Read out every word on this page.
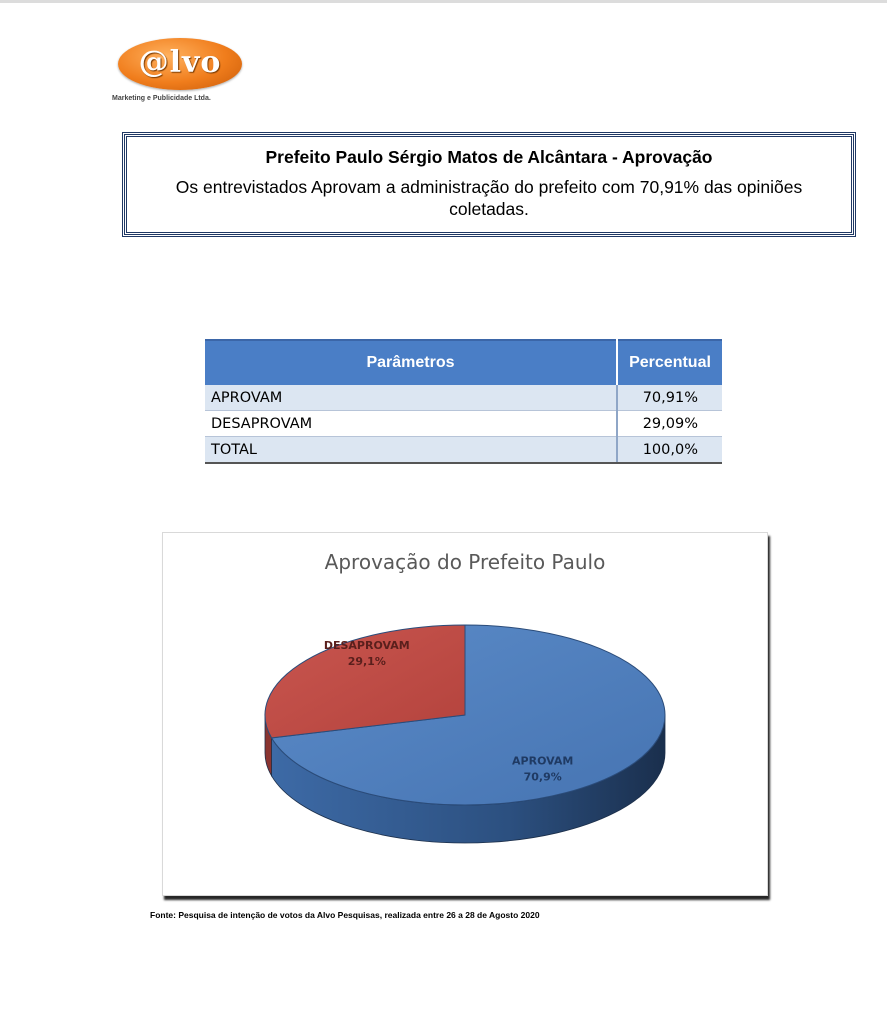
@lvo
Marketing e Publicidade Ltda.
Prefeito Paulo Sérgio Matos de Alcântara - Aprovação
Os entrevistados Aprovam a administração do prefeito com 70,91% das opiniões coletadas.
Parâmetros	Percentual
APROVAM	70,91%
DESAPROVAM	29,09%
TOTAL	100,0%
Aprovação do Prefeito Paulo
APROVAM
70,9%
DESAPROVAM
29,1%
Fonte: Pesquisa de intenção de votos da Alvo Pesquisas, realizada entre 26 a 28 de Agosto 2020
